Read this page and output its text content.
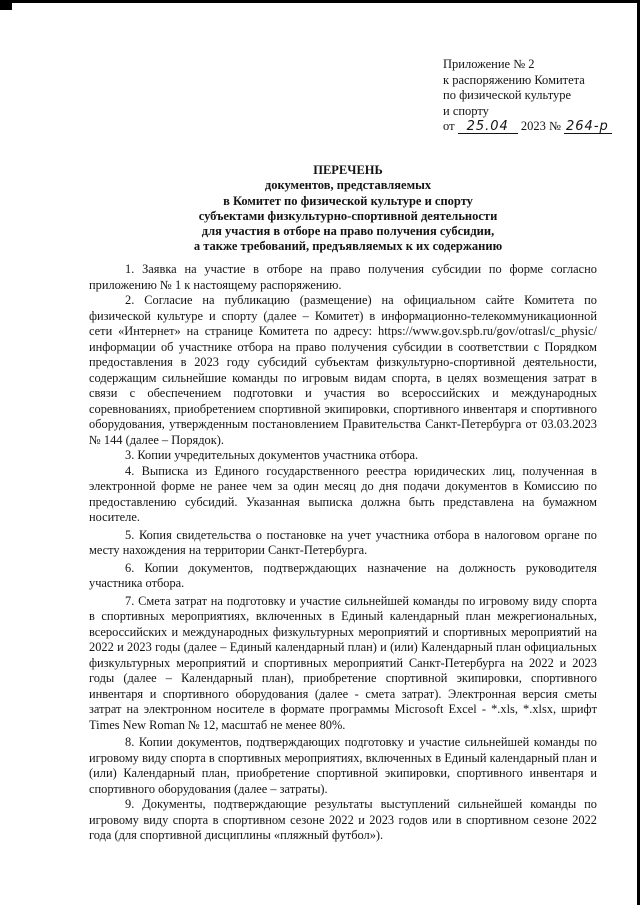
Приложение № 2
к распоряжению Комитета
по физической культуре
и спорту
от 25.04 2023 № 264-р
ПЕРЕЧЕНЬ
документов, представляемых
в Комитет по физической культуре и спорту
субъектами физкультурно-спортивной деятельности
для участия в отборе на право получения субсидии,
а также требований, предъявляемых к их содержанию

1. Заявка на участие в отборе на право получения субсидии по форме согласно приложению № 1 к настоящему распоряжению.

2. Согласие на публикацию (размещение) на официальном сайте Комитета по физической культуре и спорту (далее – Комитет) в информационно-телекоммуникационной сети «Интернет» на странице Комитета по адресу: https://www.gov.spb.ru/gov/otrasl/c_physic/ информации об участнике отбора на право получения субсидии в соответствии с Порядком предоставления в 2023 году субсидий субъектам физкультурно-спортивной деятельности, содержащим сильнейшие команды по игровым видам спорта, в целях возмещения затрат в связи с обеспечением подготовки и участия во всероссийских и международных соревнованиях, приобретением спортивной экипировки, спортивного инвентаря и спортивного оборудования, утвержденным постановлением Правительства Санкт-Петербурга от 03.03.2023 № 144 (далее – Порядок).

3. Копии учредительных документов участника отбора.

4. Выписка из Единого государственного реестра юридических лиц, полученная в электронной форме не ранее чем за один месяц до дня подачи документов в Комиссию по предоставлению субсидий. Указанная выписка должна быть представлена на бумажном носителе.

5. Копия свидетельства о постановке на учет участника отбора в налоговом органе по месту нахождения на территории Санкт-Петербурга.

6. Копии документов, подтверждающих назначение на должность руководителя участника отбора.

7. Смета затрат на подготовку и участие сильнейшей команды по игровому виду спорта в спортивных мероприятиях, включенных в Единый календарный план межрегиональных, всероссийских и международных физкультурных мероприятий и спортивных мероприятий на 2022 и 2023 годы (далее – Единый календарный план) и (или) Календарный план официальных физкультурных мероприятий и спортивных мероприятий Санкт-Петербурга на 2022 и 2023 годы (далее – Календарный план), приобретение спортивной экипировки, спортивного инвентаря и спортивного оборудования (далее - смета затрат). Электронная версия сметы затрат на электронном носителе в формате программы Microsoft Excel - *.xls, *.xlsx, шрифт Times New Roman № 12, масштаб не менее 80%.

8. Копии документов, подтверждающих подготовку и участие сильнейшей команды по игровому виду спорта в спортивных мероприятиях, включенных в Единый календарный план и (или) Календарный план, приобретение спортивной экипировки, спортивного инвентаря и спортивного оборудования (далее – затраты).

9. Документы, подтверждающие результаты выступлений сильнейшей команды по игровому виду спорта в спортивном сезоне 2022 и 2023 годов или в спортивном сезоне 2022 года (для спортивной дисциплины «пляжный футбол»).
